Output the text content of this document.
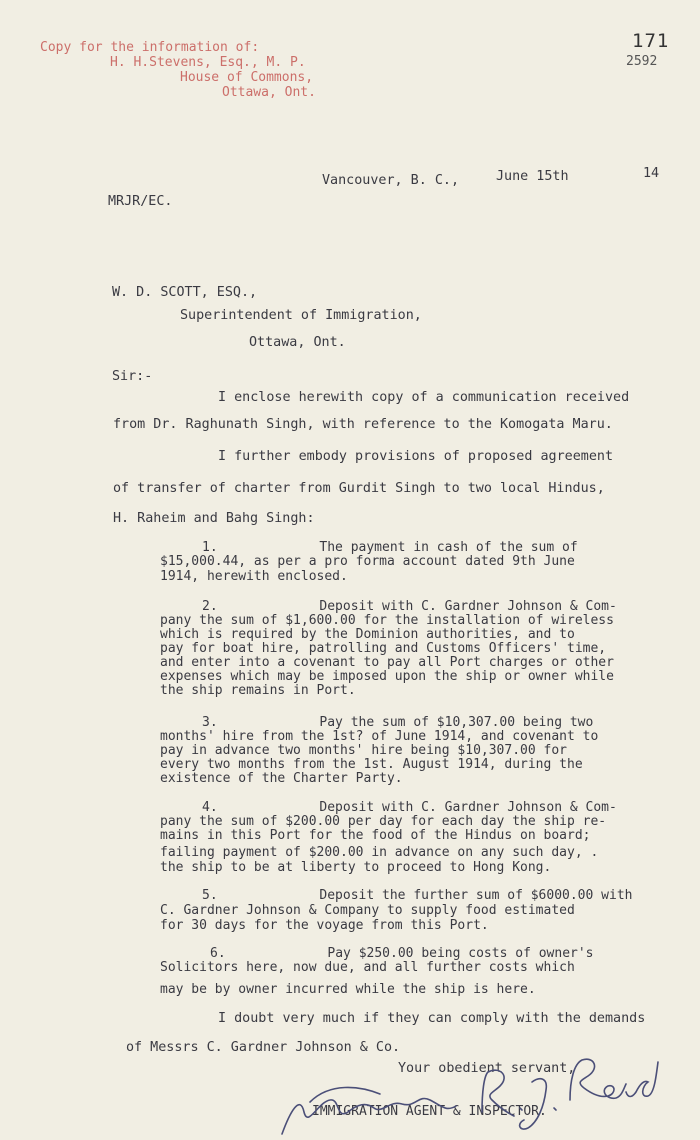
Copy for the information of:
H. H.Stevens, Esq., M. P.
House of Commons,
Ottawa, Ont.
171
2592
Vancouver, B. C.,	June 15th	14
MRJR/EC.
W. D. SCOTT, ESQ.,
Superintendent of Immigration,
Ottawa, Ont.
Sir:-
I enclose herewith copy of a communication received
from Dr. Raghunath Singh, with reference to the Komogata Maru.
I further embody provisions of proposed agreement
of transfer of charter from Gurdit Singh to two local Hindus,
H. Raheim and Bahg Singh:
1.             The payment in cash of the sum of
$15,000.44, as per a pro forma account dated 9th June
1914, herewith enclosed.
2.             Deposit with C. Gardner Johnson & Com-
pany the sum of $1,600.00 for the installation of wireless
which is required by the Dominion authorities, and to
pay for boat hire, patrolling and Customs Officers' time,
and enter into a covenant to pay all Port charges or other
expenses which may be imposed upon the ship or owner while
the ship remains in Port.
3.             Pay the sum of $10,307.00 being two
months' hire from the 1st? of June 1914, and covenant to
pay in advance two months' hire being $10,307.00 for
every two months from the 1st. August 1914, during the
existence of the Charter Party.
4.             Deposit with C. Gardner Johnson & Com-
pany the sum of $200.00 per day for each day the ship re-
mains in this Port for the food of the Hindus on board;
failing payment of $200.00 in advance on any such day, .
the ship to be at liberty to proceed to Hong Kong.
5.             Deposit the further sum of $6000.00 with
C. Gardner Johnson & Company to supply food estimated
for 30 days for the voyage from this Port.
6.             Pay $250.00 being costs of owner's
Solicitors here, now due, and all further costs which
may be by owner incurred while the ship is here.
I doubt very much if they can comply with the demands
of Messrs C. Gardner Johnson & Co.
Your obedient servant,
IMMIGRATION AGENT & INSPECTOR.
